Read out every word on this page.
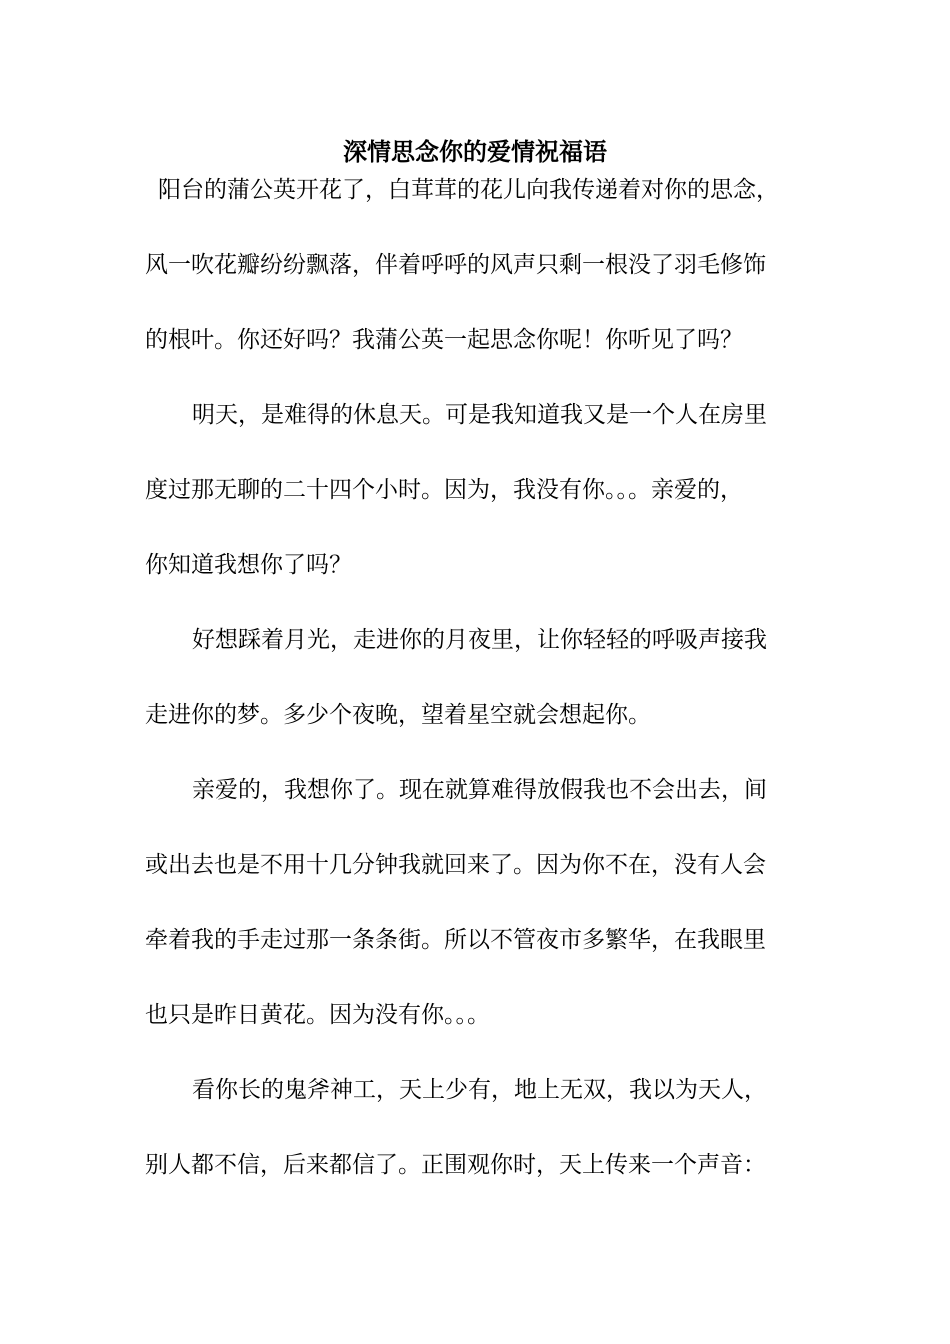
深情思念你的爱情祝福语

阳台的蒲公英开花了，白茸茸的花儿向我传递着对你的思念，

风一吹花瓣纷纷飘落，伴着呼呼的风声只剩一根没了羽毛修饰

的根叶。你还好吗？我蒲公英一起思念你呢！你听见了吗？

明天，是难得的休息天。可是我知道我又是一个人在房里

度过那无聊的二十四个小时。因为，我没有你。。。亲爱的，

你知道我想你了吗？

好想踩着月光，走进你的月夜里，让你轻轻的呼吸声接我

走进你的梦。多少个夜晚，望着星空就会想起你。

亲爱的，我想你了。现在就算难得放假我也不会出去，间

或出去也是不用十几分钟我就回来了。因为你不在，没有人会

牵着我的手走过那一条条街。所以不管夜市多繁华，在我眼里

也只是昨日黄花。因为没有你。。。

看你长的鬼斧神工，天上少有，地上无双，我以为天人，

别人都不信，后来都信了。正围观你时，天上传来一个声音：
